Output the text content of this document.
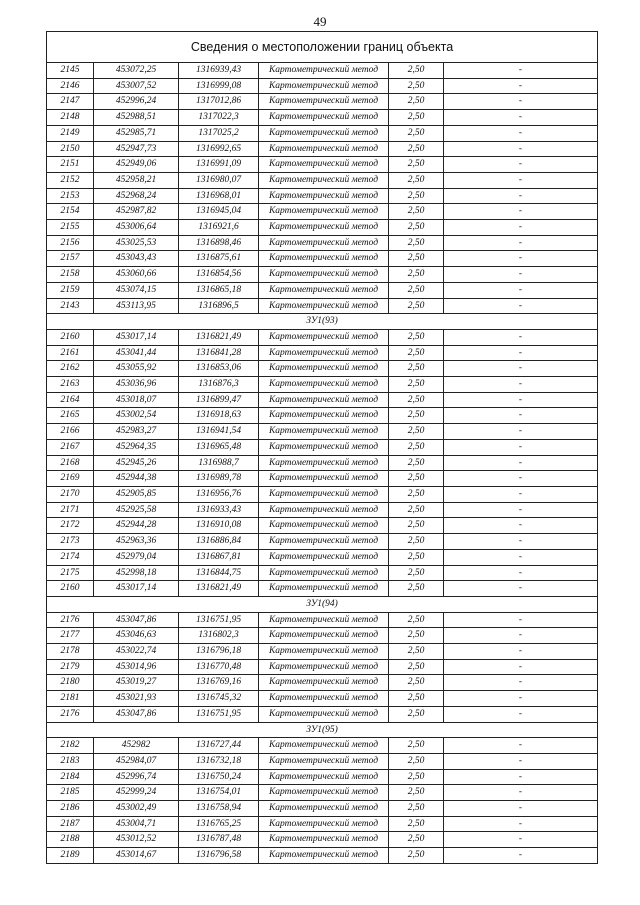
49
Сведения о местоположении границ объекта					
2145	453072,25	1316939,43	Картометрический метод	2,50	-
2146	453007,52	1316999,08	Картометрический метод	2,50	-
2147	452996,24	1317012,86	Картометрический метод	2,50	-
2148	452988,51	1317022,3	Картометрический метод	2,50	-
2149	452985,71	1317025,2	Картометрический метод	2,50	-
2150	452947,73	1316992,65	Картометрический метод	2,50	-
2151	452949,06	1316991,09	Картометрический метод	2,50	-
2152	452958,21	1316980,07	Картометрический метод	2,50	-
2153	452968,24	1316968,01	Картометрический метод	2,50	-
2154	452987,82	1316945,04	Картометрический метод	2,50	-
2155	453006,64	1316921,6	Картометрический метод	2,50	-
2156	453025,53	1316898,46	Картометрический метод	2,50	-
2157	453043,43	1316875,61	Картометрический метод	2,50	-
2158	453060,66	1316854,56	Картометрический метод	2,50	-
2159	453074,15	1316865,18	Картометрический метод	2,50	-
2143	453113,95	1316896,5	Картометрический метод	2,50	-
ЗУ1(93)					
2160	453017,14	1316821,49	Картометрический метод	2,50	-
2161	453041,44	1316841,28	Картометрический метод	2,50	-
2162	453055,92	1316853,06	Картометрический метод	2,50	-
2163	453036,96	1316876,3	Картометрический метод	2,50	-
2164	453018,07	1316899,47	Картометрический метод	2,50	-
2165	453002,54	1316918,63	Картометрический метод	2,50	-
2166	452983,27	1316941,54	Картометрический метод	2,50	-
2167	452964,35	1316965,48	Картометрический метод	2,50	-
2168	452945,26	1316988,7	Картометрический метод	2,50	-
2169	452944,38	1316989,78	Картометрический метод	2,50	-
2170	452905,85	1316956,76	Картометрический метод	2,50	-
2171	452925,58	1316933,43	Картометрический метод	2,50	-
2172	452944,28	1316910,08	Картометрический метод	2,50	-
2173	452963,36	1316886,84	Картометрический метод	2,50	-
2174	452979,04	1316867,81	Картометрический метод	2,50	-
2175	452998,18	1316844,75	Картометрический метод	2,50	-
2160	453017,14	1316821,49	Картометрический метод	2,50	-
ЗУ1(94)					
2176	453047,86	1316751,95	Картометрический метод	2,50	-
2177	453046,63	1316802,3	Картометрический метод	2,50	-
2178	453022,74	1316796,18	Картометрический метод	2,50	-
2179	453014,96	1316770,48	Картометрический метод	2,50	-
2180	453019,27	1316769,16	Картометрический метод	2,50	-
2181	453021,93	1316745,32	Картометрический метод	2,50	-
2176	453047,86	1316751,95	Картометрический метод	2,50	-
ЗУ1(95)					
2182	452982	1316727,44	Картометрический метод	2,50	-
2183	452984,07	1316732,18	Картометрический метод	2,50	-
2184	452996,74	1316750,24	Картометрический метод	2,50	-
2185	452999,24	1316754,01	Картометрический метод	2,50	-
2186	453002,49	1316758,94	Картометрический метод	2,50	-
2187	453004,71	1316765,25	Картометрический метод	2,50	-
2188	453012,52	1316787,48	Картометрический метод	2,50	-
2189	453014,67	1316796,58	Картометрический метод	2,50	-
